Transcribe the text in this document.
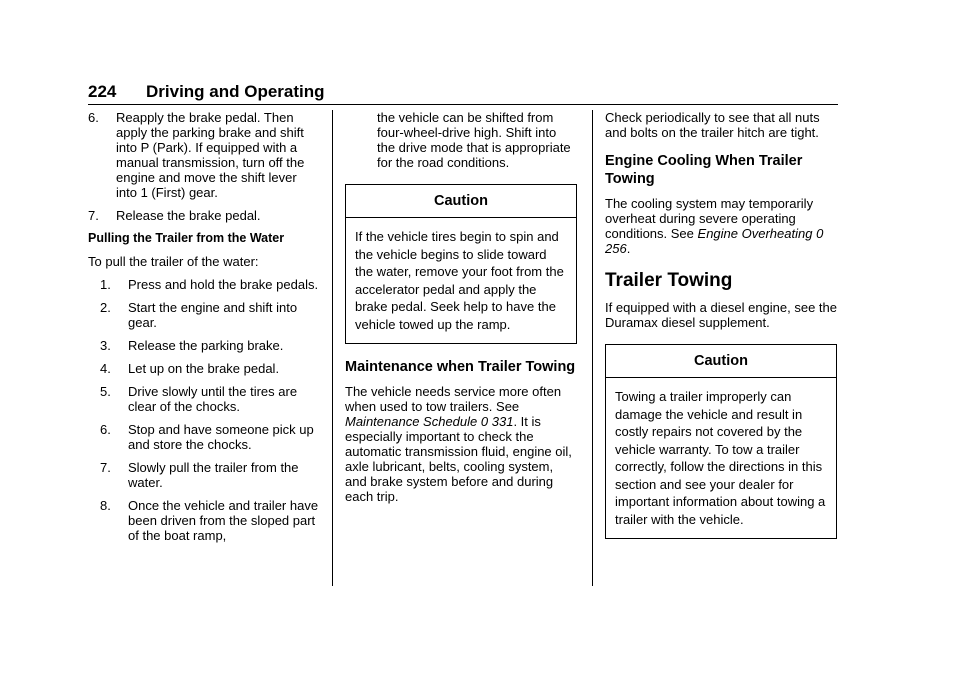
224 Driving and Operating
6.	Reapply the brake pedal. Then apply the parking brake and shift into P (Park). If equipped with a manual transmission, turn off the engine and move the shift lever into 1 (First) gear.
7.	Release the brake pedal.

Pulling the Trailer from the Water

To pull the trailer of the water:

1.	Press and hold the brake pedals.
2.	Start the engine and shift into gear.
3.	Release the parking brake.
4.	Let up on the brake pedal.
5.	Drive slowly until the tires are clear of the chocks.
6.	Stop and have someone pick up and store the chocks.
7.	Slowly pull the trailer from the water.
8.	Once the vehicle and trailer have been driven from the sloped part of the boat ramp,

the vehicle can be shifted from four-wheel-drive high. Shift into the drive mode that is appropriate for the road conditions.

Caution
If the vehicle tires begin to spin and the vehicle begins to slide toward the water, remove your foot from the accelerator pedal and apply the brake pedal. Seek help to have the vehicle towed up the ramp.
Maintenance when Trailer Towing

The vehicle needs service more often when used to tow trailers. See Maintenance Schedule 0 331. It is especially important to check the automatic transmission fluid, engine oil, axle lubricant, belts, cooling system, and brake system before and during each trip.

Check periodically to see that all nuts and bolts on the trailer hitch are tight.

Engine Cooling When Trailer Towing

The cooling system may temporarily overheat during severe operating conditions. See Engine Overheating 0 256.

Trailer Towing

If equipped with a diesel engine, see the Duramax diesel supplement.

Caution
Towing a trailer improperly can damage the vehicle and result in costly repairs not covered by the vehicle warranty. To tow a trailer correctly, follow the directions in this section and see your dealer for important information about towing a trailer with the vehicle.
